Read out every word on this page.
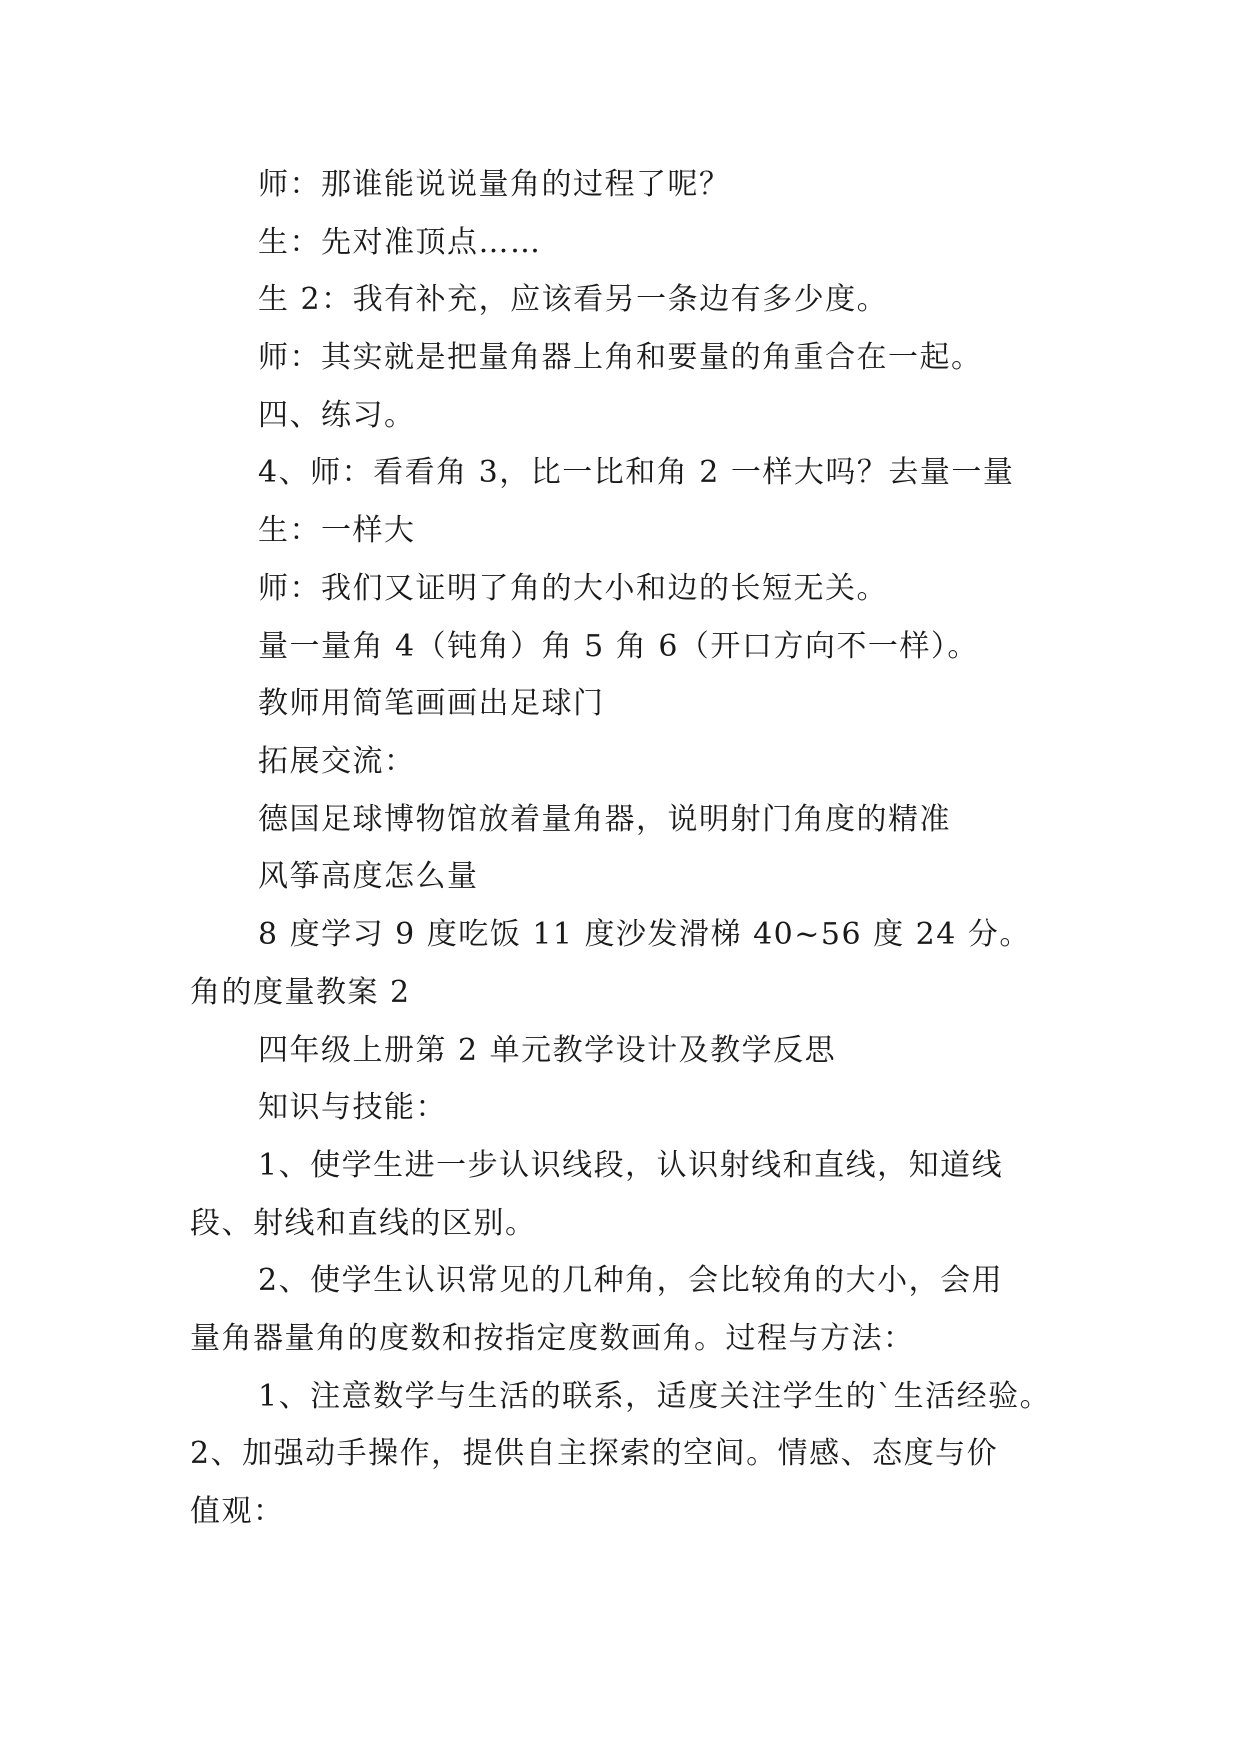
师：那谁能说说量角的过程了呢？
生：先对准顶点……
生 2：我有补充，应该看另一条边有多少度。
师：其实就是把量角器上角和要量的角重合在一起。
四、练习。
4、师：看看角 3，比一比和角 2 一样大吗？去量一量
生：一样大
师：我们又证明了角的大小和边的长短无关。
量一量角 4（钝角）角 5 角 6（开口方向不一样）。
教师用简笔画画出足球门
拓展交流：
德国足球博物馆放着量角器，说明射门角度的精准
风筝高度怎么量
8 度学习 9 度吃饭 11 度沙发滑梯 40~56 度 24 分。
角的度量教案 2
四年级上册第 2 单元教学设计及教学反思
知识与技能：
1、使学生进一步认识线段，认识射线和直线，知道线
段、射线和直线的区别。
2、使学生认识常见的几种角，会比较角的大小，会用
量角器量角的度数和按指定度数画角。过程与方法：
1、注意数学与生活的联系，适度关注学生的`生活经验。
2、加强动手操作，提供自主探索的空间。情感、态度与价
值观：
